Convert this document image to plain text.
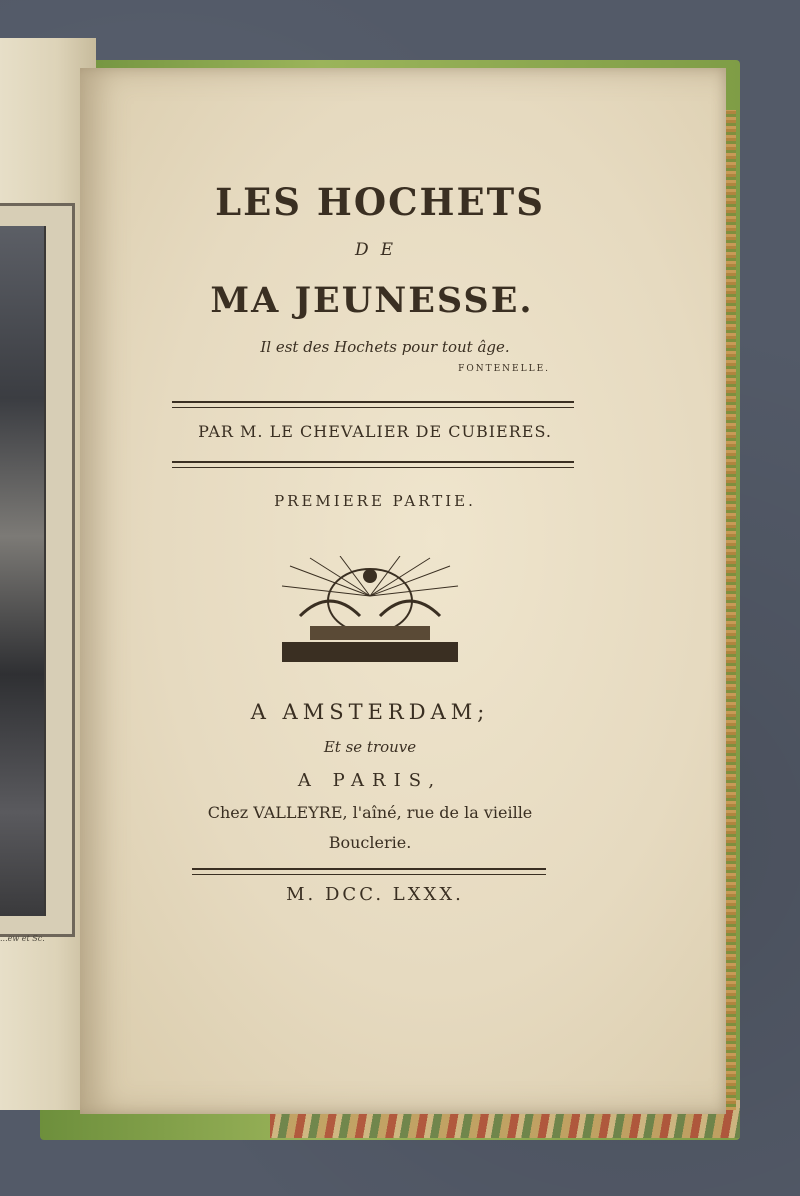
...ew et Sc.
LES HOCHETS
DE
MA JEUNESSE.
Il est des Hochets pour tout âge.
FONTENELLE.
PAR M. LE CHEVALIER DE CUBIERES.
PREMIERE PARTIE.
A AMSTERDAM;
Et se trouve
A PARIS,
Chez VALLEYRE, l'aîné, rue de la vieille
Bouclerie.
M. DCC. LXXX.
